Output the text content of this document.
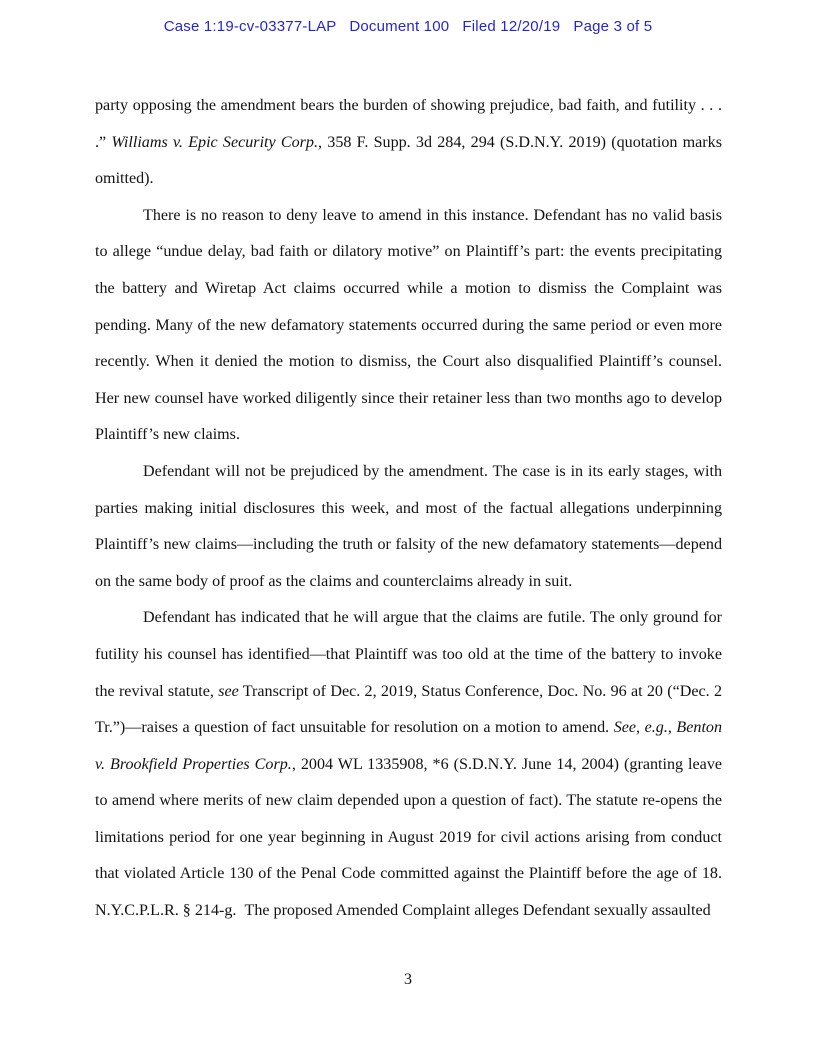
Case 1:19-cv-03377-LAP   Document 100   Filed 12/20/19   Page 3 of 5

party opposing the amendment bears the burden of showing prejudice, bad faith, and futility . . . .” Williams v. Epic Security Corp., 358 F. Supp. 3d 284, 294 (S.D.N.Y. 2019) (quotation marks omitted).

There is no reason to deny leave to amend in this instance. Defendant has no valid basis to allege “undue delay, bad faith or dilatory motive” on Plaintiff’s part: the events precipitating the battery and Wiretap Act claims occurred while a motion to dismiss the Complaint was pending. Many of the new defamatory statements occurred during the same period or even more recently. When it denied the motion to dismiss, the Court also disqualified Plaintiff’s counsel. Her new counsel have worked diligently since their retainer less than two months ago to develop Plaintiff’s new claims.

Defendant will not be prejudiced by the amendment. The case is in its early stages, with parties making initial disclosures this week, and most of the factual allegations underpinning Plaintiff’s new claims—including the truth or falsity of the new defamatory statements—depend on the same body of proof as the claims and counterclaims already in suit.

Defendant has indicated that he will argue that the claims are futile. The only ground for futility his counsel has identified—that Plaintiff was too old at the time of the battery to invoke the revival statute, see Transcript of Dec. 2, 2019, Status Conference, Doc. No. 96 at 20 (“Dec. 2 Tr.”)—raises a question of fact unsuitable for resolution on a motion to amend. See, e.g., Benton v. Brookfield Properties Corp., 2004 WL 1335908, *6 (S.D.N.Y. June 14, 2004) (granting leave to amend where merits of new claim depended upon a question of fact). The statute re-opens the limitations period for one year beginning in August 2019 for civil actions arising from conduct that violated Article 130 of the Penal Code committed against the Plaintiff before the age of 18. N.Y.C.P.L.R. § 214-g.  The proposed Amended Complaint alleges Defendant sexually assaulted

3
